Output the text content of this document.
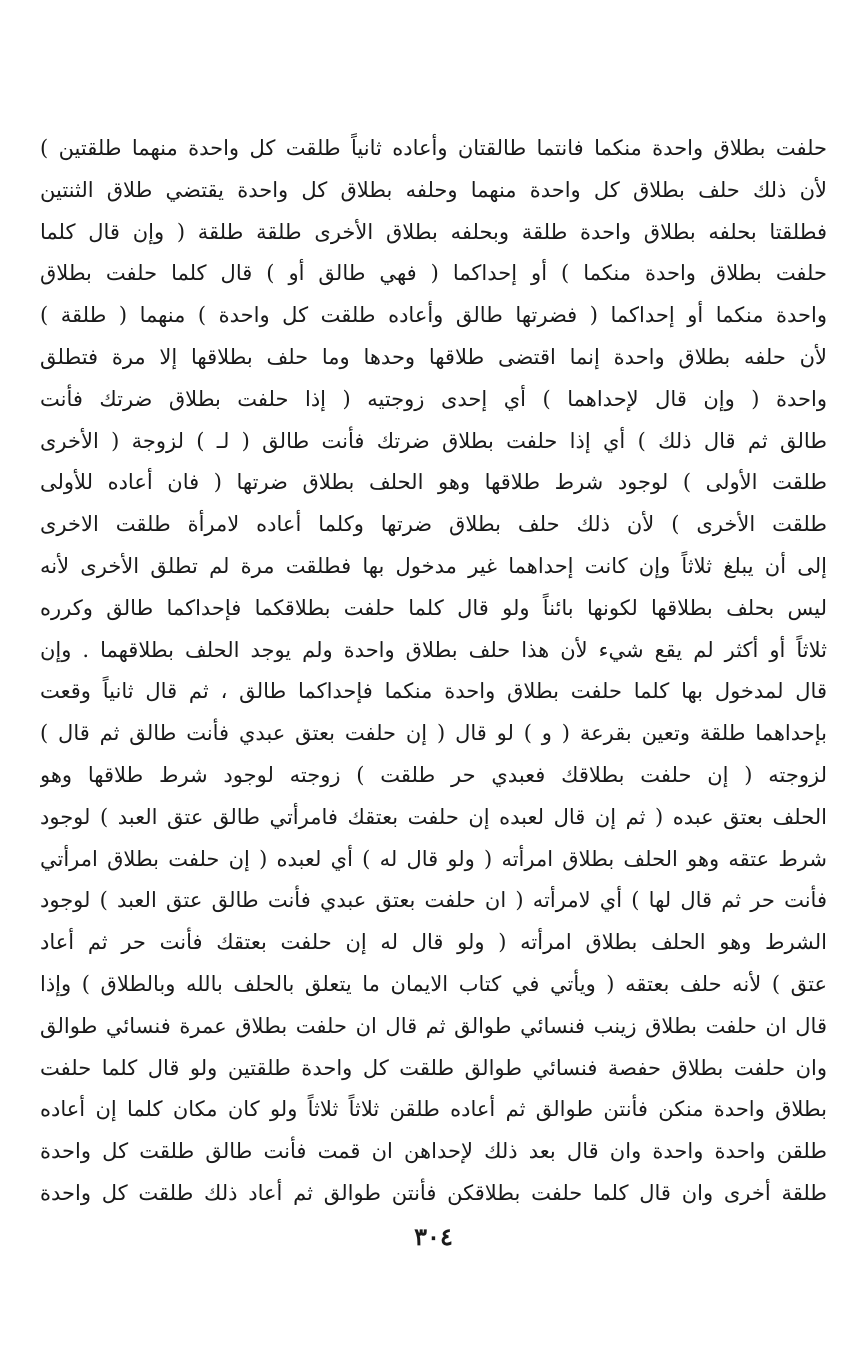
حلفت بطلاق واحدة منكما فانتما طالقتان وأعاده ثانياً طلقت كل واحدة منهما طلقتين )
لأن ذلك حلف بطلاق كل واحدة منهما وحلفه بطلاق كل واحدة يقتضي طلاق الثنتين
فطلقتا بحلفه بطلاق واحدة طلقة وبحلفه بطلاق الأخرى طلقة طلقة ( وإن قال كلما
حلفت بطلاق واحدة منكما ) أو إحداكما ( فهي طالق أو ) قال كلما حلفت بطلاق
واحدة منكما أو إحداكما ( فضرتها طالق وأعاده طلقت كل واحدة ) منهما ( طلقة )
لأن حلفه بطلاق واحدة إنما اقتضى طلاقها وحدها وما حلف بطلاقها إلا مرة فتطلق
واحدة ( وإن قال لإحداهما ) أي إحدى زوجتيه ( إذا حلفت بطلاق ضرتك فأنت
طالق ثم قال ذلك ) أي إذا حلفت بطلاق ضرتك فأنت طالق ( لـ ) لزوجة ( الأخرى
طلقت الأولى ) لوجود شرط طلاقها وهو الحلف بطلاق ضرتها ( فان أعاده للأولى
طلقت الأخرى ) لأن ذلك حلف بطلاق ضرتها وكلما أعاده لامرأة طلقت الاخرى
إلى أن يبلغ ثلاثاً وإن كانت إحداهما غير مدخول بها فطلقت مرة لم تطلق الأخرى لأنه
ليس بحلف بطلاقها لكونها بائناً ولو قال كلما حلفت بطلاقكما فإحداكما طالق وكرره
ثلاثاً أو أكثر لم يقع شيء لأن هذا حلف بطلاق واحدة ولم يوجد الحلف بطلاقهما . وإن
قال لمدخول بها كلما حلفت بطلاق واحدة منكما فإحداكما طالق ، ثم قال ثانياً وقعت
بإحداهما طلقة وتعين بقرعة ( و ) لو قال ( إن حلفت بعتق عبدي فأنت طالق ثم قال )
لزوجته ( إن حلفت بطلاقك فعبدي حر طلقت ) زوجته لوجود شرط طلاقها وهو
الحلف بعتق عبده ( ثم إن قال لعبده إن حلفت بعتقك فامرأتي طالق عتق العبد ) لوجود
شرط عتقه وهو الحلف بطلاق امرأته ( ولو قال له ) أي لعبده ( إن حلفت بطلاق امرأتي
فأنت حر ثم قال لها ) أي لامرأته ( ان حلفت بعتق عبدي فأنت طالق عتق العبد ) لوجود
الشرط وهو الحلف بطلاق امرأته ( ولو قال له إن حلفت بعتقك فأنت حر ثم أعاد
عتق ) لأنه حلف بعتقه ( ويأتي في كتاب الايمان ما يتعلق بالحلف بالله وبالطلاق ) وإذا
قال ان حلفت بطلاق زينب فنسائي طوالق ثم قال ان حلفت بطلاق عمرة فنسائي طوالق
وان حلفت بطلاق حفصة فنسائي طوالق طلقت كل واحدة طلقتين ولو قال كلما حلفت
بطلاق واحدة منكن فأنتن طوالق ثم أعاده طلقن ثلاثاً ثلاثاً ولو كان مكان كلما إن أعاده
طلقن واحدة واحدة وان قال بعد ذلك لإحداهن ان قمت فأنت طالق طلقت كل واحدة
طلقة أخرى وان قال كلما حلفت بطلاقكن فأنتن طوالق ثم أعاد ذلك طلقت كل واحدة
٣٠٤
